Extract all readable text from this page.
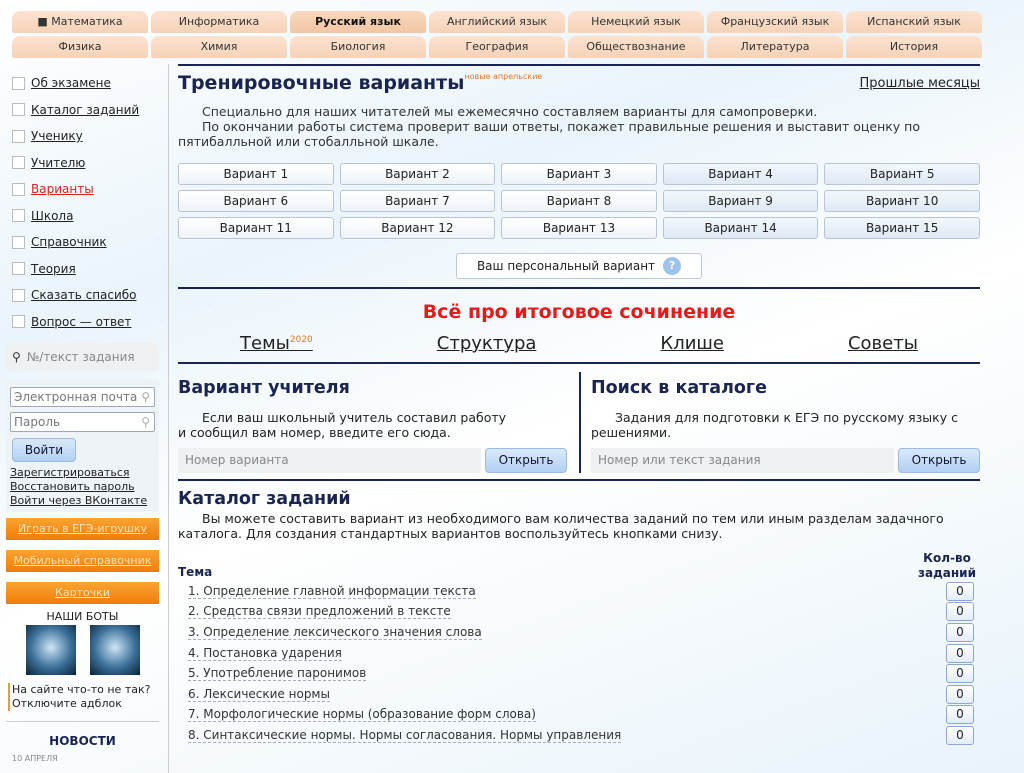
■ Математика	Информатика	Русский язык	Английский язык	Немецкий язык	Французский язык	Испанский язык
Физика	Химия	Биология	География	Обществознание	Литература	История
Об экзамене
Каталог заданий
Ученику
Учителю
Варианты
Школа
Справочник
Теория
Сказать спасибо
Вопрос — ответ
⚲ №/текст задания
Электронная почта ⚲
Пароль	⚲
Войти
Зарегистрироваться
Восстановить пароль
Войти через ВКонтакте
Играть в ЕГЭ-игрушку
Мобильный справочник
Карточки
НАШИ БОТЫ
На сайте что-то не так?
Отключите адблок
НОВОСТИ
10 АПРЕЛЯ
Тренировочные варианты$^{новые апрельские}$	Прошлые месяцы
Специально для наших читателей мы ежемесячно составляем варианты для самопроверки.
По окончании работы система проверит ваши ответы, покажет правильные решения и выставит оценку по пятибалльной или стобалльной шкале.
Вариант 1	Вариант 2	Вариант 3	Вариант 4	Вариант 5
Вариант 6	Вариант 7	Вариант 8	Вариант 9	Вариант 10
Вариант 11	Вариант 12	Вариант 13	Вариант 14	Вариант 15
Ваш персональный вариант	?
Всё про итоговое сочинение
Темы$^{2020}$	Структура	Клише	Советы
Вариант учителя

Если ваш школьный учитель составил работу и сообщил вам номер, введите его сюда.

Номер варианта	Открыть
Поиск в каталоге

Задания для подготовки к ЕГЭ по русскому языку с решениями.

Номер или текст задания	Открыть
Каталог заданий

Вы можете составить вариант из необходимого вам количества заданий по тем или иным разделам задачного каталога. Для создания стандартных вариантов воспользуйтесь кнопками снизу.

Тема
Кол-во заданий
1. Определение главной информации текста	0
2. Средства связи предложений в тексте	0
3. Определение лексического значения слова	0
4. Постановка ударения	0
5. Употребление паронимов	0
6. Лексические нормы	0
7. Морфологические нормы (образование форм слова)	0
8. Синтаксические нормы. Нормы согласования. Нормы управления	0
